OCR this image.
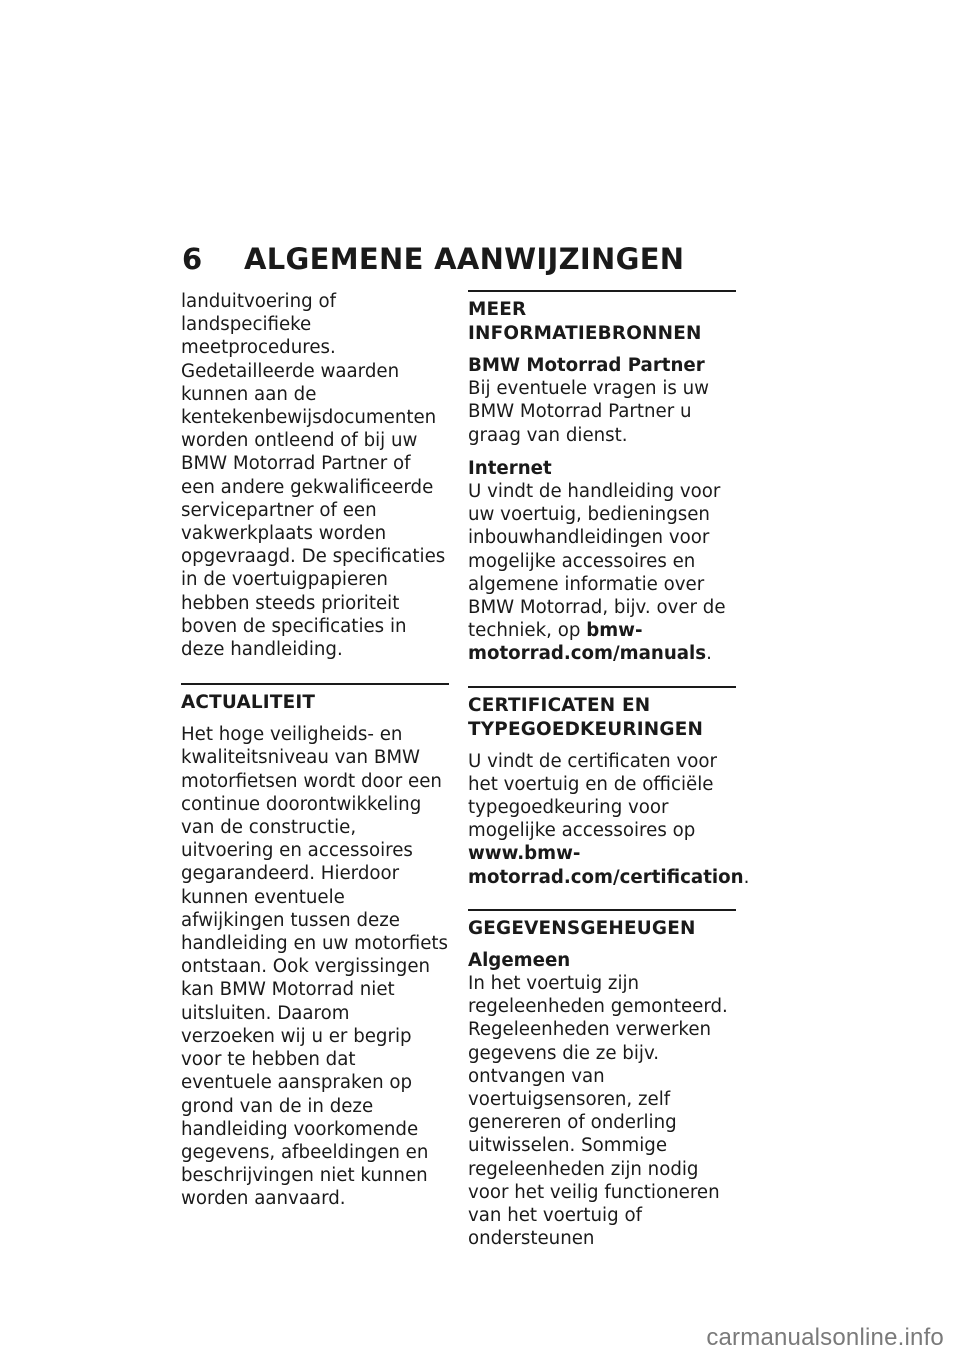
6	ALGEMENE AANWIJZINGEN

landuitvoering of landspecifieke meetprocedures. Gedetailleerde waarden kunnen aan de kentekenbewijsdocumenten worden ontleend of bij uw BMW Motorrad Partner of een andere gekwalificeerde servicepartner of een vakwerkplaats worden opgevraagd. De specificaties in de voertuigpapieren hebben steeds prioriteit boven de specificaties in deze handleiding.

ACTUALITEIT

Het hoge veiligheids- en kwaliteitsniveau van BMW motorfietsen wordt door een continue doorontwikkeling van de constructie, uitvoering en accessoires gegarandeerd. Hierdoor kunnen eventuele afwijkingen tussen deze handleiding en uw motorfiets ontstaan. Ook vergissingen kan BMW Motorrad niet uitsluiten. Daarom verzoeken wij u er begrip voor te hebben dat eventuele aanspraken op grond van de in deze handleiding voorkomende gegevens, afbeeldingen en beschrijvingen niet kunnen worden aanvaard.

MEER INFORMATIEBRONNEN

BMW Motorrad Partner

Bij eventuele vragen is uw BMW Motorrad Partner u graag van dienst.

Internet

U vindt de handleiding voor uw voertuig, bedieningsen inbouwhandleidingen voor mogelijke accessoires en algemene informatie over BMW Motorrad, bijv. over de techniek, op bmw-motorrad.com/manuals.

CERTIFICATEN EN TYPEGOEDKEURINGEN

U vindt de certificaten voor het voertuig en de officiële typegoedkeuring voor mogelijke accessoires op www.bmw-motorrad.com/certification.

GEGEVENSGEHEUGEN

Algemeen

In het voertuig zijn regeleenheden gemonteerd. Regeleenheden verwerken gegevens die ze bijv. ontvangen van voertuigsensoren, zelf genereren of onderling uitwisselen. Sommige regeleenheden zijn nodig voor het veilig functioneren van het voertuig of ondersteunen

carmanualsonline.info
